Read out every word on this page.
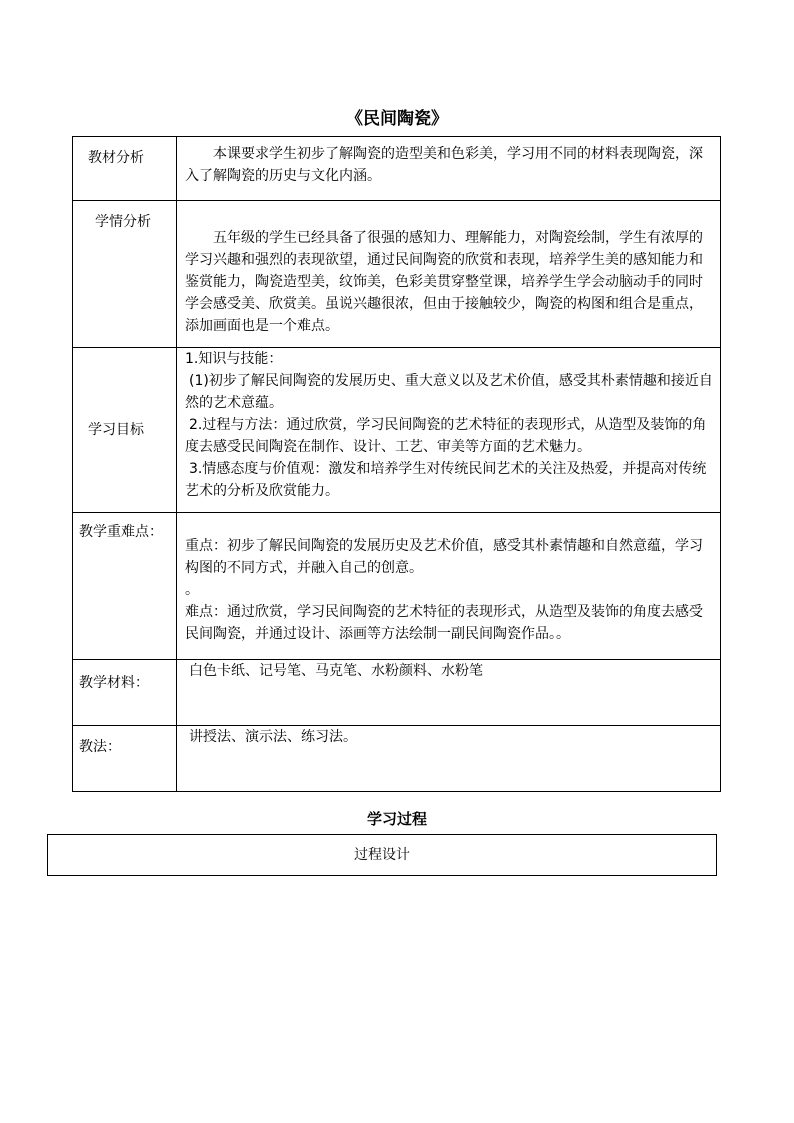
《民间陶瓷》
教材分析	本课要求学生初步了解陶瓷的造型美和色彩美，学习用不同的材料表现陶瓷，深入了解陶瓷的历史与文化内涵。

学情分析	五年级的学生已经具备了很强的感知力、理解能力，对陶瓷绘制，学生有浓厚的学习兴趣和强烈的表现欲望，通过民间陶瓷的欣赏和表现，培养学生美的感知能力和鉴赏能力，陶瓷造型美，纹饰美，色彩美贯穿整堂课，培养学生学会动脑动手的同时学会感受美、欣赏美。虽说兴趣很浓，但由于接触较少，陶瓷的构图和组合是重点，添加画面也是一个难点。

学习目标	1.知识与技能：

(1)初步了解民间陶瓷的发展历史、重大意义以及艺术价值，感受其朴素情趣和接近自然的艺术意蕴。

2.过程与方法：通过欣赏，学习民间陶瓷的艺术特征的表现形式，从造型及装饰的角度去感受民间陶瓷在制作、设计、工艺、审美等方面的艺术魅力。

3.情感态度与价值观：激发和培养学生对传统民间艺术的关注及热爱，并提高对传统艺术的分析及欣赏能力。

教学重难点：	重点：初步了解民间陶瓷的发展历史及艺术价值，感受其朴素情趣和自然意蕴，学习构图的不同方式，并融入自己的创意。

。

难点：通过欣赏，学习民间陶瓷的艺术特征的表现形式，从造型及装饰的角度去感受民间陶瓷，并通过设计、添画等方法绘制一副民间陶瓷作品。。

教学材料：	白色卡纸、记号笔、马克笔、水粉颜料、水粉笔

教法：	讲授法、演示法、练习法。

学习过程
过程设计
